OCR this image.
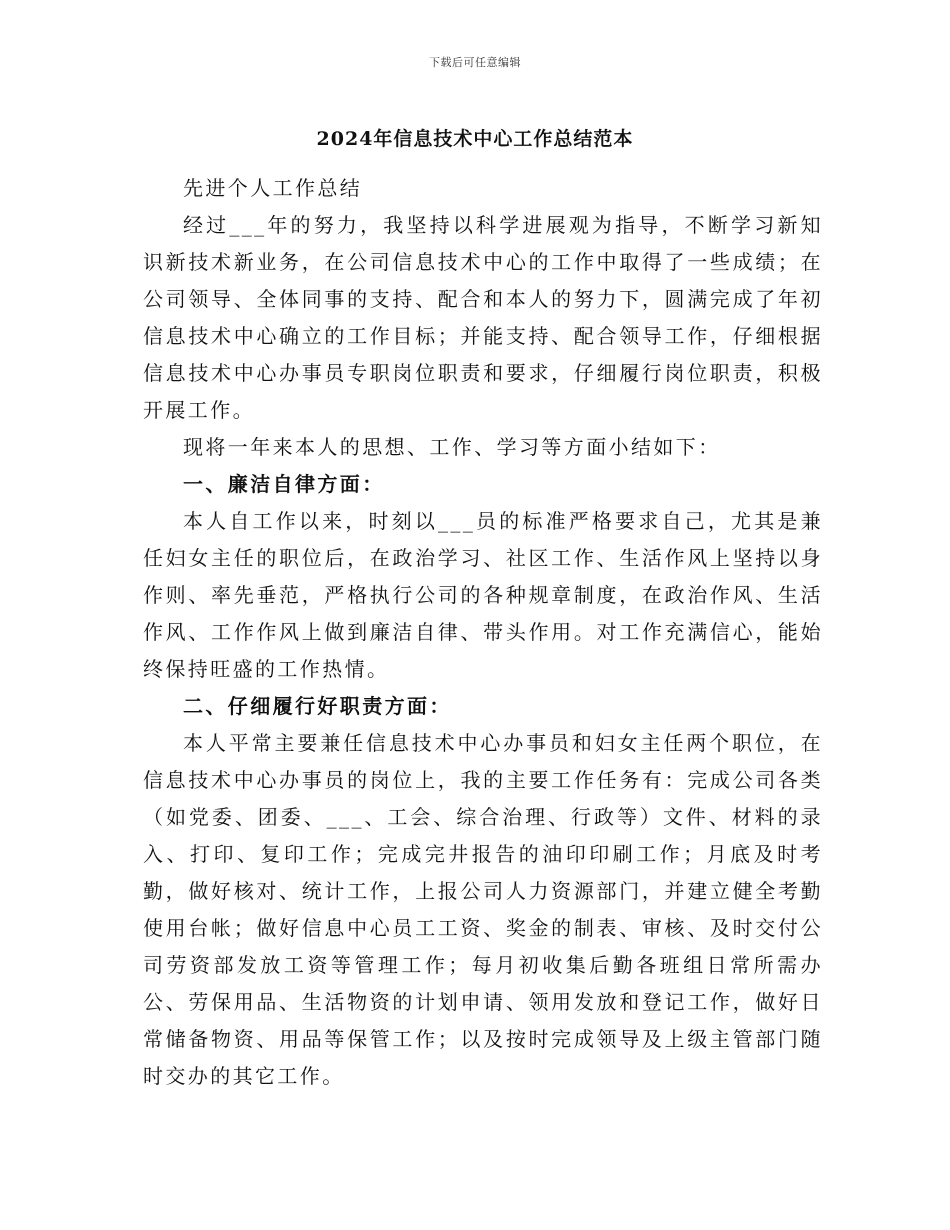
下载后可任意编辑
2024年信息技术中心工作总结范本

先进个人工作总结

经过___年的努力，我坚持以科学进展观为指导，不断学习新知识新技术新业务，在公司信息技术中心的工作中取得了一些成绩；在公司领导、全体同事的支持、配合和本人的努力下，圆满完成了年初信息技术中心确立的工作目标；并能支持、配合领导工作，仔细根据信息技术中心办事员专职岗位职责和要求，仔细履行岗位职责，积极开展工作。

现将一年来本人的思想、工作、学习等方面小结如下：

一、廉洁自律方面：

本人自工作以来，时刻以___员的标准严格要求自己，尤其是兼任妇女主任的职位后，在政治学习、社区工作、生活作风上坚持以身作则、率先垂范，严格执行公司的各种规章制度，在政治作风、生活作风、工作作风上做到廉洁自律、带头作用。对工作充满信心，能始终保持旺盛的工作热情。

二、仔细履行好职责方面：

本人平常主要兼任信息技术中心办事员和妇女主任两个职位，在信息技术中心办事员的岗位上，我的主要工作任务有：完成公司各类（如党委、团委、___、工会、综合治理、行政等）文件、材料的录入、打印、复印工作；完成完井报告的油印印刷工作；月底及时考勤，做好核对、统计工作，上报公司人力资源部门，并建立健全考勤使用台帐；做好信息中心员工工资、奖金的制表、审核、及时交付公司劳资部发放工资等管理工作；每月初收集后勤各班组日常所需办公、劳保用品、生活物资的计划申请、领用发放和登记工作，做好日常储备物资、用品等保管工作；以及按时完成领导及上级主管部门随时交办的其它工作。
